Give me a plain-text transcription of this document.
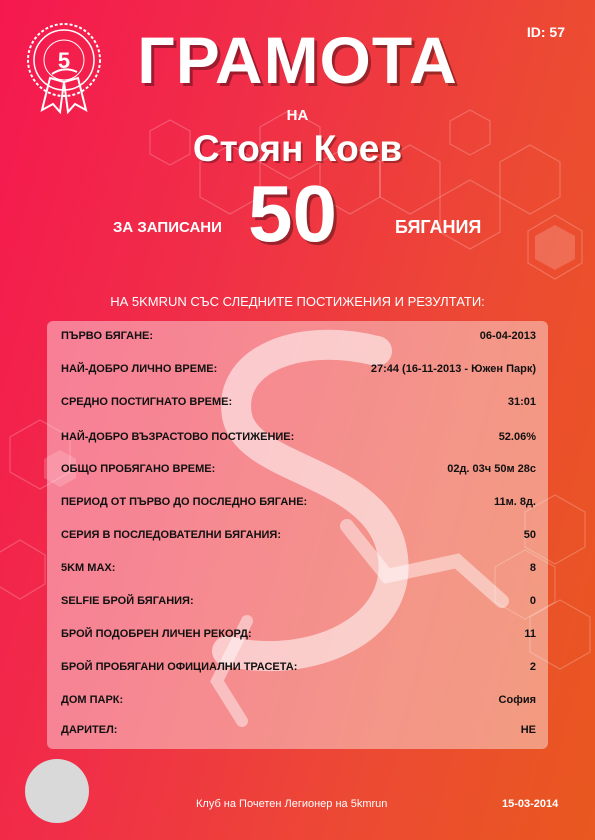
5
ID: 57
ГРАМОТА
НА
Стоян Коев
ЗА ЗАПИСАНИ 50	БЯГАНИЯ
НА 5KMRUN СЪС СЛЕДНИТЕ ПОСТИЖЕНИЯ И РЕЗУЛТАТИ:
ПЪРВО БЯГАНЕ:	06-04-2013
НАЙ-ДОБРО ЛИЧНО ВРЕМЕ:	27:44 (16-11-2013 - Южен Парк)
СРЕДНО ПОСТИГНАТО ВРЕМЕ:	31:01
НАЙ-ДОБРО ВЪЗРАСТОВО ПОСТИЖЕНИЕ:	52.06%
ОБЩО ПРОБЯГАНО ВРЕМЕ:	02д. 03ч 50м 28с
ПЕРИОД ОТ ПЪРВО ДО ПОСЛЕДНО БЯГАНЕ:	11м. 8д.
СЕРИЯ В ПОСЛЕДОВАТЕЛНИ БЯГАНИЯ:	50
5KM MAX:	8
SELFIE БРОЙ БЯГАНИЯ:	0
БРОЙ ПОДОБРЕН ЛИЧЕН РЕКОРД:	11
БРОЙ ПРОБЯГАНИ ОФИЦИАЛНИ ТРАСЕТА:	2
ДОМ ПАРК:	София
ДАРИТЕЛ:	НЕ
Клуб на Почетен Легионер на 5kmrun	15-03-2014
